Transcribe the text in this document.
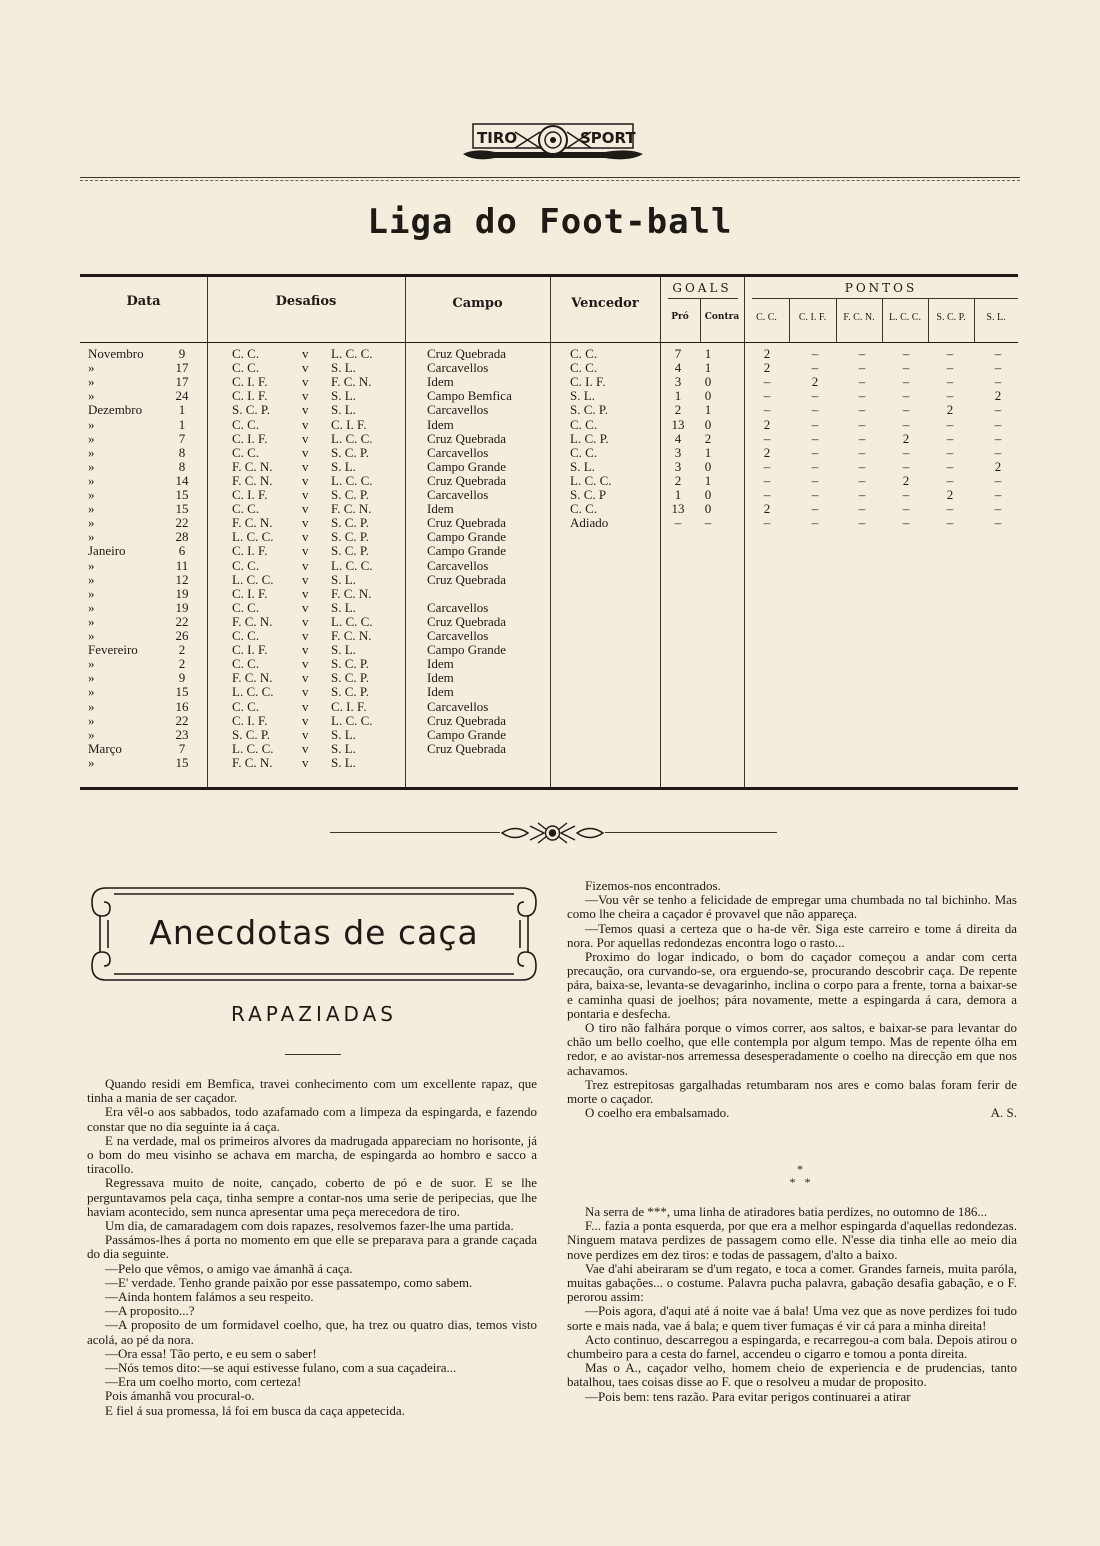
TIRO	SPORT
Liga do Foot-ball
Data	Desafios	Campo	Vencedor
GOALS	PONTOS
Pró	Contra	C. C.	C. I. F.	F. C. N.	L. C. C.	S. C. P.	S. L.
Novembro	9	C. C.	v L. C. C.	Cruz Quebrada	C. C.	7	1	2	–	–	–	–	–
»	17	C. C.	v S. L.	Carcavellos	C. C.	4	1	2	–	–	–	–	–
»	17	C. I. F.	v F. C. N.	Idem	C. I. F.	3	0	–	2	–	–	–	–
»	24	C. I. F.	v S. L.	Campo Bemfica	S. L.	1	0	–	–	–	–	–	2
Dezembro	1	S. C. P. v S. L.	Carcavellos	S. C. P.	2	1	–	–	–	–	2	–
»	1	C. C.	v C. I. F.	Idem	C. C.	13	0	2	–	–	–	–	–
»	7	C. I. F.	v L. C. C.	Cruz Quebrada	L. C. P.	4	2	–	–	–	2	–	–
»	8	C. C.	v S. C. P.	Carcavellos	C. C.	3	1	2	–	–	–	–	–
»	8	F. C. N. v S. L.	Campo Grande	S. L.	3	0	–	–	–	–	–	2
»	14	F. C. N. v L. C. C.	Cruz Quebrada	L. C. C.	2	1	–	–	–	2	–	–
»	15	C. I. F.	v S. C. P.	Carcavellos	S. C. P	1	0	–	–	–	–	2	–
»	15	C. C.	v F. C. N.	Idem	C. C.	13	0	2	–	–	–	–	–
»	22	F. C. N. v S. C. P.	Cruz Quebrada	Adiado	–	–	–	–	–	–	–	–
»	28	L. C. C. v S. C. P.	Campo Grande
Janeiro	6	C. I. F.	v S. C. P.	Campo Grande
»	11	C. C.	v L. C. C.	Carcavellos
»	12	L. C. C. v S. L.	Cruz Quebrada
»	19	C. I. F.	v F. C. N.
»	19	C. C.	v S. L.	Carcavellos
»	22	F. C. N. v L. C. C.	Cruz Quebrada
»	26	C. C.	v F. C. N.	Carcavellos
Fevereiro	2	C. I. F.	v S. L.	Campo Grande
»	2	C. C.	v S. C. P.	Idem
»	9	F. C. N. v S. C. P.	Idem
»	15	L. C. C. v S. C. P.	Idem
»	16	C. C.	v C. I. F.	Carcavellos
»	22	C. I. F.	v L. C. C.	Cruz Quebrada
»	23	S. C. P. v S. L.	Campo Grande
Março	7	L. C. C. v S. L.	Cruz Quebrada
»	15	F. C. N. v S. L.
Anecdotas de caça
RAPAZIADAS

Quando residi em Bemfica, travei conhecimento com um excellente rapaz, que tinha a mania de ser caçador.

Era vêl-o aos sabbados, todo azafamado com a limpeza da espingarda, e fazendo constar que no dia seguinte ia á caça.

E na verdade, mal os primeiros alvores da madrugada appareciam no horisonte, já o bom do meu visinho se achava em marcha, de espingarda ao hombro e sacco a tiracollo.

Regressava muito de noite, cançado, coberto de pó e de suor. E se lhe perguntavamos pela caça, tinha sempre a contar-nos uma serie de peripecias, que lhe haviam acontecido, sem nunca apresentar uma peça merecedora de tiro.

Um dia, de camaradagem com dois rapazes, resolvemos fazer-lhe uma partida.

Passámos-lhes á porta no momento em que elle se preparava para a grande caçada do dia seguinte.

—Pelo que vêmos, o amigo vae ámanhã á caça.

—E' verdade. Tenho grande paixão por esse passatempo, como sabem.

—Ainda hontem falámos a seu respeito.

—A proposito...?

—A proposito de um formidavel coelho, que, ha trez ou quatro dias, temos visto acolá, ao pé da nora.

—Ora essa! Tão perto, e eu sem o saber!

—Nós temos dito:—se aqui estivesse fulano, com a sua caçadeira...

—Era um coelho morto, com certeza!

Pois ámanhã vou procural-o.

E fiel á sua promessa, lá foi em busca da caça appetecida.

Fizemos-nos encontrados.

—Vou vêr se tenho a felicidade de empregar uma chumbada no tal bichinho. Mas como lhe cheira a caçador é provavel que não appareça.

—Temos quasi a certeza que o ha-de vêr. Siga este carreiro e tome á direita da nora. Por aquellas redondezas encontra logo o rasto...

Proximo do logar indicado, o bom do caçador começou a andar com certa precaução, ora curvando-se, ora erguendo-se, procurando descobrir caça. De repente pára, baixa-se, levanta-se devagarinho, inclina o corpo para a frente, torna a baixar-se e caminha quasi de joelhos; pára novamente, mette a espingarda á cara, demora a pontaria e desfecha.

O tiro não falhára porque o vimos correr, aos saltos, e baixar-se para levantar do chão um bello coelho, que elle contempla por algum tempo. Mas de repente ólha em redor, e ao avistar-nos arremessa desesperadamente o coelho na direcção em que nos achavamos.

Trez estrepitosas gargalhadas retumbaram nos ares e como balas foram ferir de morte o caçador.

O coelho era embalsamado.	A. S.

*
*   *

Na serra de ***, uma linha de atiradores batia perdizes, no outomno de 186...

F... fazia a ponta esquerda, por que era a melhor espingarda d'aquellas redondezas. Ninguem matava perdizes de passagem como elle. N'esse dia tinha elle ao meio dia nove perdizes em dez tiros: e todas de passagem, d'alto a baixo.

Vae d'ahi abeiraram se d'um regato, e toca a comer. Grandes farneis, muita paróla, muitas gabações... o costume. Palavra pucha palavra, gabação desafia gabação, e o F. perorou assim:

—Pois agora, d'aqui até á noite vae á bala! Uma vez que as nove perdizes foi tudo sorte e mais nada, vae á bala; e quem tiver fumaças é vir cá para a minha direita!

Acto continuo, descarregou a espingarda, e recarregou-a com bala. Depois atirou o chumbeiro para a cesta do farnel, accendeu o cigarro e tomou a ponta direita.

Mas o A., caçador velho, homem cheio de experiencia e de prudencias, tanto batalhou, taes coisas disse ao F. que o resolveu a mudar de proposito.

—Pois bem: tens razão. Para evitar perigos continuarei a atirar
